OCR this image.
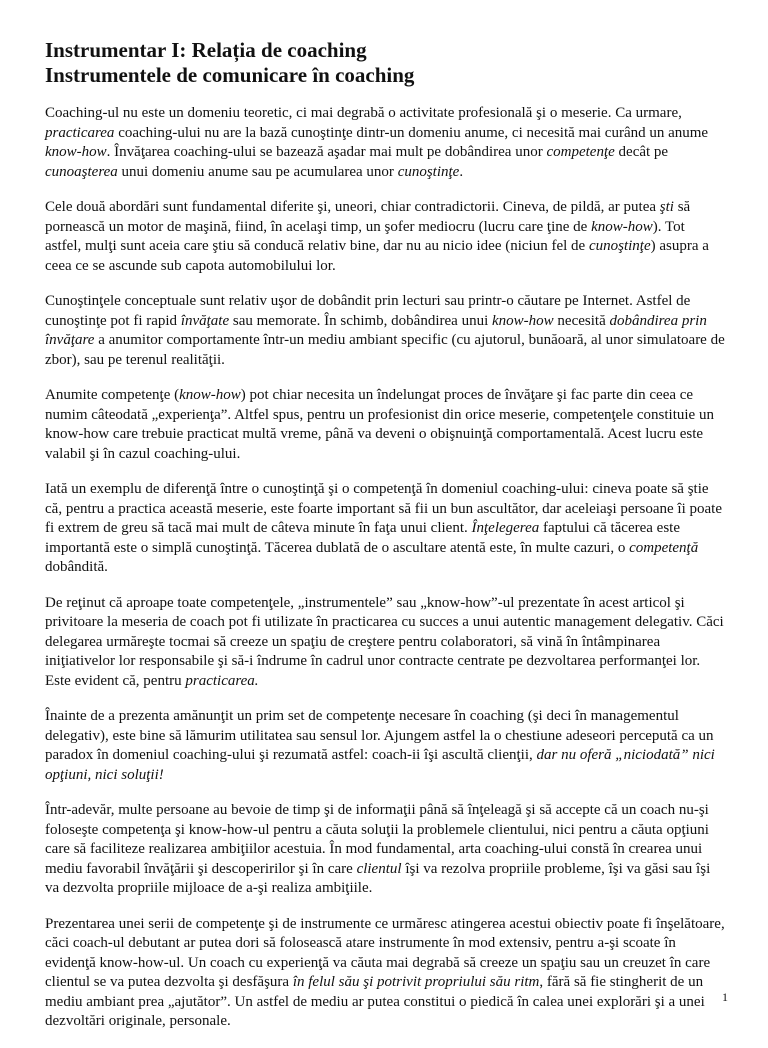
Instrumentar I: Relația de coaching
Instrumentele de comunicare în coaching

Coaching-ul nu este un domeniu teoretic, ci mai degrabă o activitate profesională şi o meserie. Ca urmare,
practicarea coaching-ului nu are la bază cunoştinţe dintr-un domeniu anume, ci necesită mai curând un anume
know-how. Învăţarea coaching-ului se bazează aşadar mai mult pe dobândirea unor competenţe decât pe
cunoaşterea unui domeniu anume sau pe acumularea unor cunoştinţe.

Cele două abordări sunt fundamental diferite şi, uneori, chiar contradictorii. Cineva, de pildă, ar putea şti să
pornească un motor de maşină, fiind, în acelaşi timp, un şofer mediocru (lucru care ţine de know-how). Tot
astfel, mulţi sunt aceia care ştiu să conducă relativ bine, dar nu au nicio idee (niciun fel de cunoştinţe) asupra a
ceea ce se ascunde sub capota automobilului lor.

Cunoştinţele conceptuale sunt relativ uşor de dobândit prin lecturi sau printr-o căutare pe Internet. Astfel de
cunoştinţe pot fi rapid învăţate sau memorate. În schimb, dobândirea unui know-how necesită dobândirea prin
învăţare a anumitor comportamente într-un mediu ambiant specific (cu ajutorul, bunăoară, al unor simulatoare de
zbor), sau pe terenul realităţii.

Anumite competenţe (know-how) pot chiar necesita un îndelungat proces de învăţare şi fac parte din ceea ce
numim câteodată „experienţa”. Altfel spus, pentru un profesionist din orice meserie, competenţele constituie un
know-how care trebuie practicat multă vreme, până va deveni o obişnuinţă comportamentală. Acest lucru este
valabil şi în cazul coaching-ului.

Iată un exemplu de diferenţă între o cunoştinţă şi o competenţă în domeniul coaching-ului: cineva poate să ştie
că, pentru a practica această meserie, este foarte important să fii un bun ascultător, dar aceleiaşi persoane îi poate
fi extrem de greu să tacă mai mult de câteva minute în faţa unui client. Înţelegerea faptului că tăcerea este
importantă este o simplă cunoştinţă. Tăcerea dublată de o ascultare atentă este, în multe cazuri, o competenţă
dobândită.

De reţinut că aproape toate competenţele, „instrumentele” sau „know-how”-ul prezentate în acest articol şi
privitoare la meseria de coach pot fi utilizate în practicarea cu succes a unui autentic management delegativ. Căci
delegarea urmăreşte tocmai să creeze un spaţiu de creştere pentru colaboratori, să vină în întâmpinarea
iniţiativelor lor responsabile şi să-i îndrume în cadrul unor contracte centrate pe dezvoltarea performanţei lor.
Este evident că, pentru practicarea.

Înainte de a prezenta amănunţit un prim set de competenţe necesare în coaching (şi deci în managementul
delegativ), este bine să lămurim utilitatea sau sensul lor. Ajungem astfel la o chestiune adeseori percepută ca un
paradox în domeniul coaching-ului şi rezumată astfel: coach-ii îşi ascultă clienţii, dar nu oferă „niciodată” nici
opţiuni, nici soluţii!

Într-adevăr, multe persoane au bevoie de timp şi de informaţii până să înţeleagă şi să accepte că un coach nu-şi
foloseşte competenţa şi know-how-ul pentru a căuta soluţii la problemele clientului, nici pentru a căuta opţiuni
care să faciliteze realizarea ambiţiilor acestuia. În mod fundamental, arta coaching-ului constă în crearea unui
mediu favorabil învăţării şi descoperirilor şi în care clientul îşi va rezolva propriile probleme, îşi va găsi sau îşi
va dezvolta propriile mijloace de a-şi realiza ambiţiile.

Prezentarea unei serii de competenţe şi de instrumente ce urmăresc atingerea acestui obiectiv poate fi înşelătoare,
căci coach-ul debutant ar putea dori să folosească atare instrumente în mod extensiv, pentru a-şi scoate în
evidenţă know-how-ul. Un coach cu experienţă va căuta mai degrabă să creeze un spaţiu sau un creuzet în care
clientul se va putea dezvolta şi desfăşura în felul său şi potrivit propriului său ritm, fără să fie stingherit de un
mediu ambiant prea „ajutător”. Un astfel de mediu ar putea constitui o piedică în calea unei explorări şi a unei
dezvoltări originale, personale.

1
